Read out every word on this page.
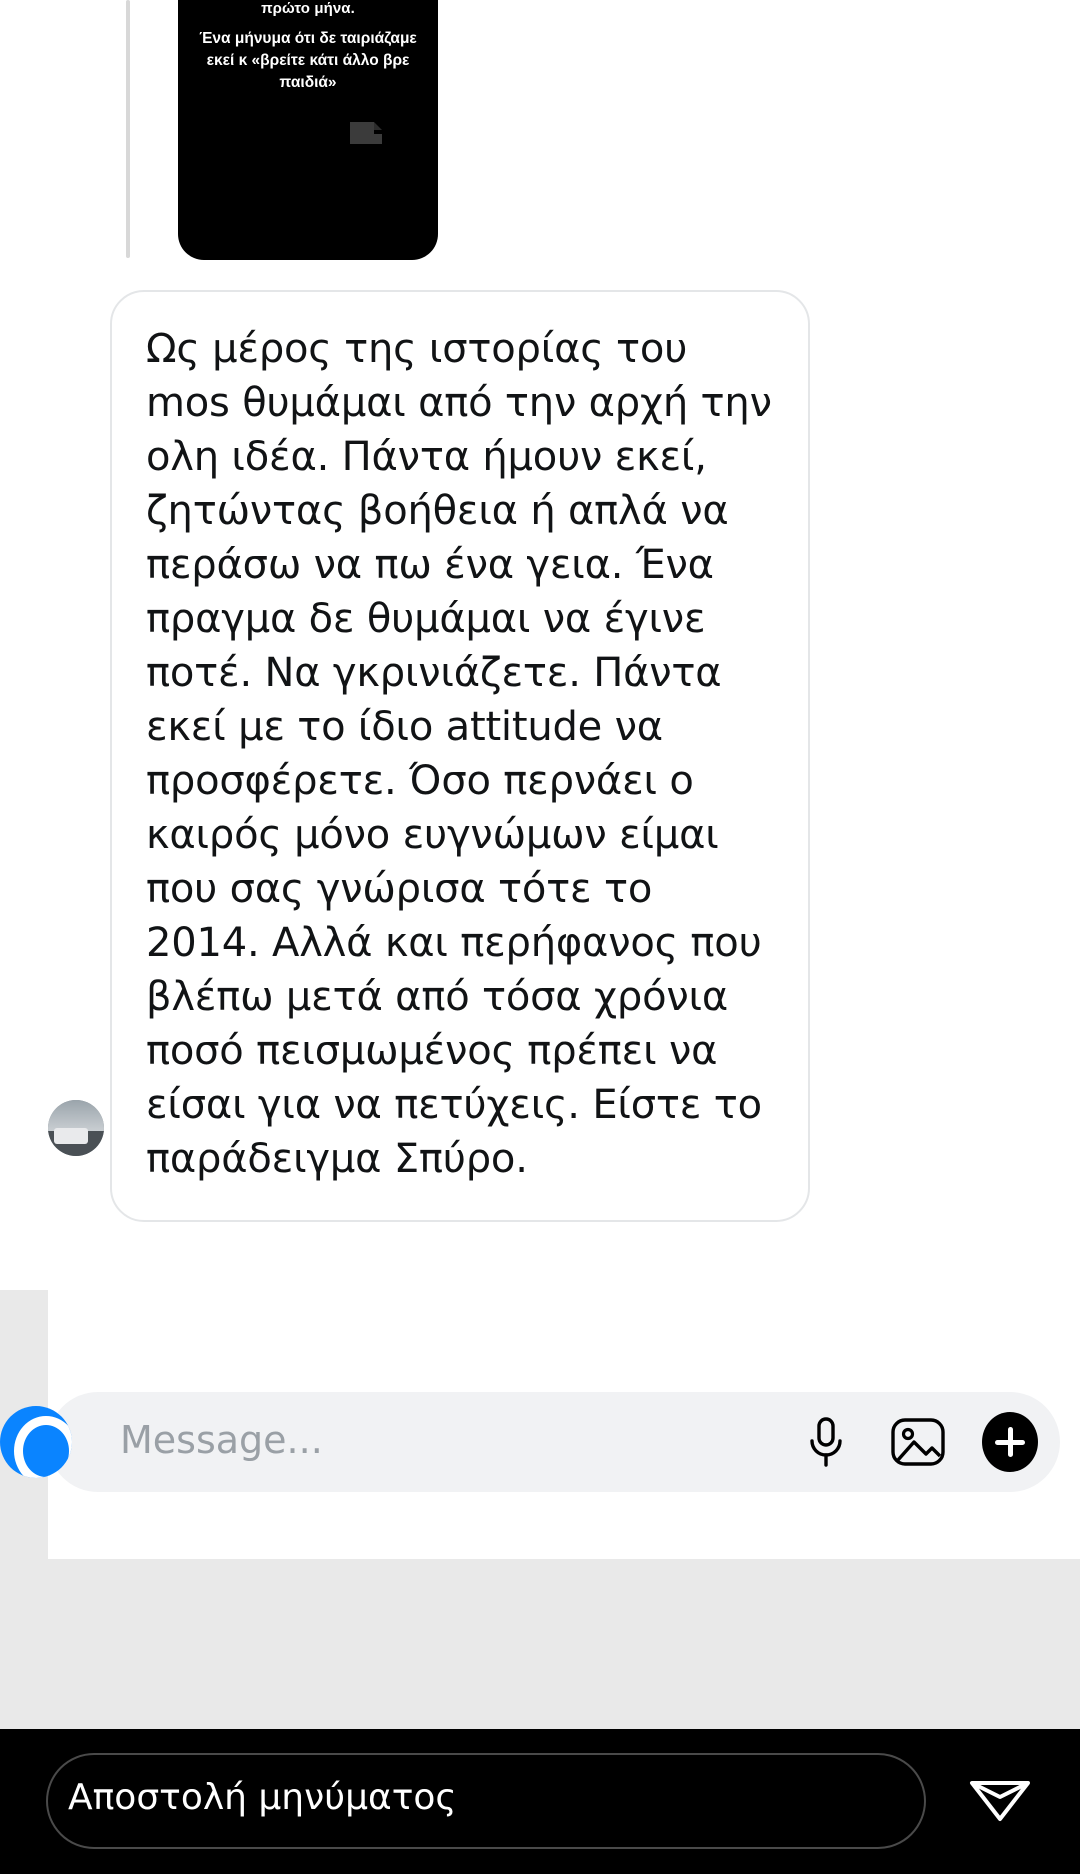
πρώτο μήνα.
Ένα μήνυμα ότι δε ταιριάζαμε εκεί κ «βρείτε κάτι άλλο βρε παιδιά»
Ως μέρος της ιστορίας του mos θυμάμαι από την αρχή την ολη ιδέα. Πάντα ήμουν εκεί, ζητώντας βοήθεια ή απλά να περάσω να πω ένα γεια. Ένα πραγμα δε θυμάμαι να έγινε ποτέ. Να γκρινιάζετε. Πάντα εκεί με το ίδιο attitude να προσφέρετε. Όσο περνάει ο καιρός μόνο ευγνώμων είμαι που σας γνώρισα τότε το 2014. Αλλά και περήφανος που βλέπω μετά από τόσα χρόνια ποσό πεισμωμένος πρέπει να είσαι για να πετύχεις. Είστε το παράδειγμα Σπύρο.
Message...
Αποστολή μηνύματος
